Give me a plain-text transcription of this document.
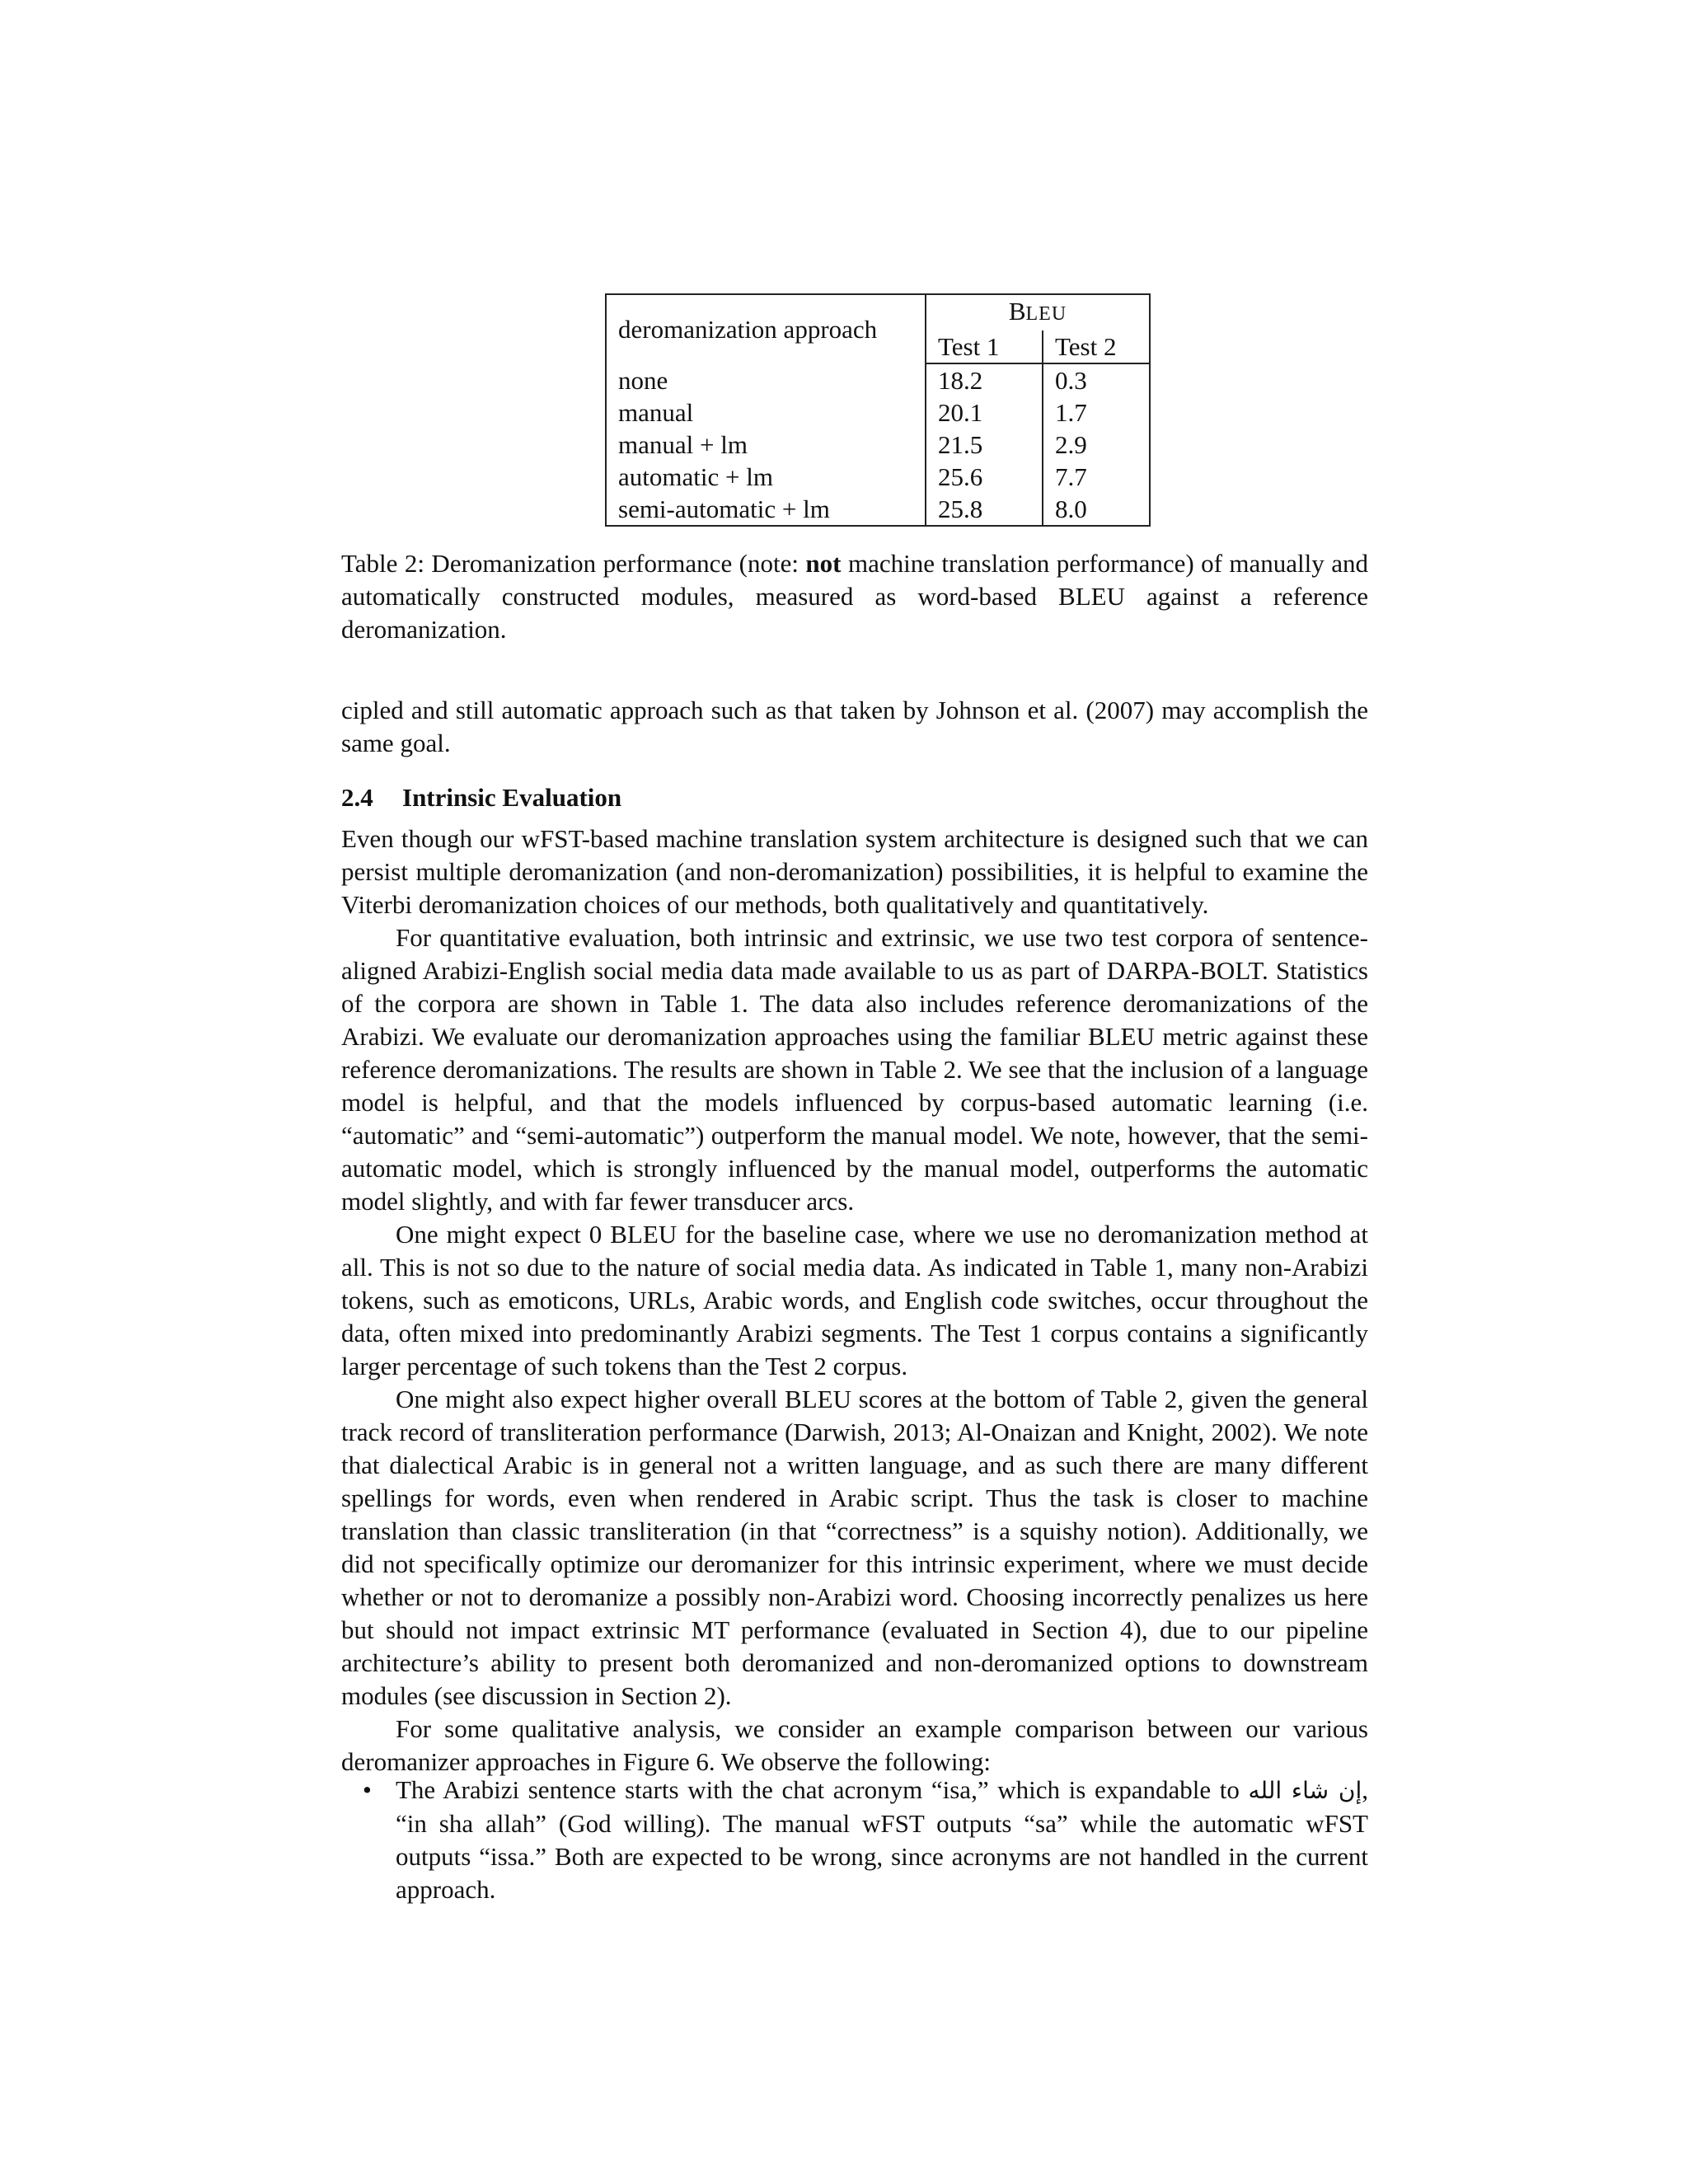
deromanization approach	BLEU	
	Test 1	Test 2
none	18.2	0.3
manual	20.1	1.7
manual + lm	21.5	2.9
automatic + lm	25.6	7.7
semi-automatic + lm	25.8	8.0

Table 2: Deromanization performance (note: not machine translation performance) of manually and automatically constructed modules, measured as word-based BLEU against a reference deromanization.

cipled and still automatic approach such as that taken by Johnson et al. (2007) may accomplish the same goal.

2.4 Intrinsic Evaluation

Even though our wFST-based machine translation system architecture is designed such that we can persist multiple deromanization (and non-deromanization) possibilities, it is helpful to examine the Viterbi deromanization choices of our methods, both qualitatively and quantitatively.

For quantitative evaluation, both intrinsic and extrinsic, we use two test corpora of sentence-aligned Arabizi-English social media data made available to us as part of DARPA-BOLT. Statistics of the corpora are shown in Table 1. The data also includes reference deromanizations of the Arabizi. We evaluate our deromanization approaches using the familiar BLEU metric against these reference deromanizations. The results are shown in Table 2. We see that the inclusion of a language model is helpful, and that the models influenced by corpus-based automatic learning (i.e. “automatic” and “semi-automatic”) outperform the manual model. We note, however, that the semi-automatic model, which is strongly influenced by the manual model, outperforms the automatic model slightly, and with far fewer transducer arcs.

One might expect 0 BLEU for the baseline case, where we use no deromanization method at all. This is not so due to the nature of social media data. As indicated in Table 1, many non-Arabizi tokens, such as emoticons, URLs, Arabic words, and English code switches, occur throughout the data, often mixed into predominantly Arabizi segments. The Test 1 corpus contains a significantly larger percentage of such tokens than the Test 2 corpus.

One might also expect higher overall BLEU scores at the bottom of Table 2, given the general track record of transliteration performance (Darwish, 2013; Al-Onaizan and Knight, 2002). We note that dialectical Arabic is in general not a written language, and as such there are many different spellings for words, even when rendered in Arabic script. Thus the task is closer to machine translation than classic transliteration (in that “correctness” is a squishy notion). Additionally, we did not specifically optimize our deromanizer for this intrinsic experiment, where we must decide whether or not to deromanize a possibly non-Arabizi word. Choosing incorrectly penalizes us here but should not impact extrinsic MT performance (evaluated in Section 4), due to our pipeline architecture’s ability to present both deromanized and non-deromanized options to downstream modules (see discussion in Section 2).

For some qualitative analysis, we consider an example comparison between our various deromanizer approaches in Figure 6. We observe the following:

• The Arabizi sentence starts with the chat acronym “isa,” which is expandable to إن شاء الله, “in sha allah” (God willing). The manual wFST outputs “sa” while the automatic wFST outputs “issa.” Both are expected to be wrong, since acronyms are not handled in the current approach.
